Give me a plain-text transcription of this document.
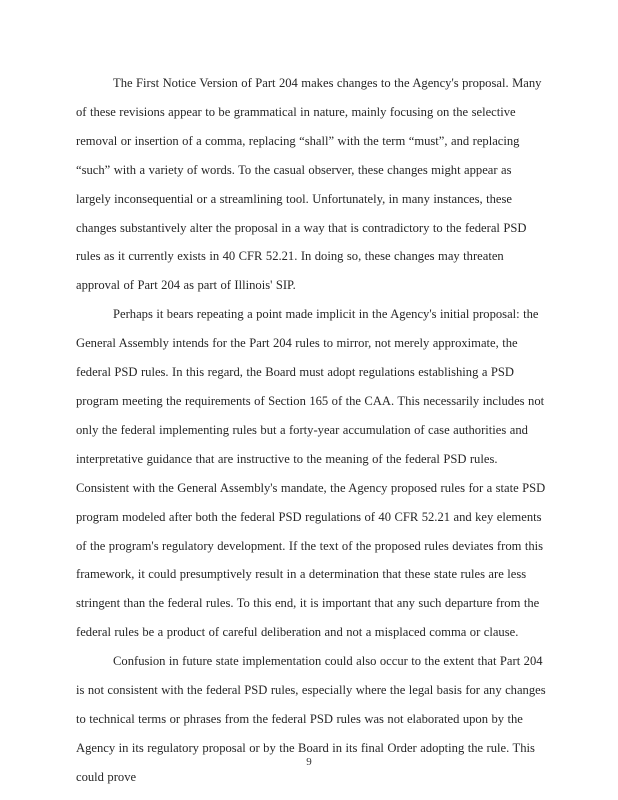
The First Notice Version of Part 204 makes changes to the Agency's proposal. Many of these revisions appear to be grammatical in nature, mainly focusing on the selective removal or insertion of a comma, replacing “shall” with the term “must”, and replacing “such” with a variety of words. To the casual observer, these changes might appear as largely inconsequential or a streamlining tool. Unfortunately, in many instances, these changes substantively alter the proposal in a way that is contradictory to the federal PSD rules as it currently exists in 40 CFR 52.21. In doing so, these changes may threaten approval of Part 204 as part of Illinois' SIP.

Perhaps it bears repeating a point made implicit in the Agency's initial proposal: the General Assembly intends for the Part 204 rules to mirror, not merely approximate, the federal PSD rules. In this regard, the Board must adopt regulations establishing a PSD program meeting the requirements of Section 165 of the CAA. This necessarily includes not only the federal implementing rules but a forty-year accumulation of case authorities and interpretative guidance that are instructive to the meaning of the federal PSD rules. Consistent with the General Assembly's mandate, the Agency proposed rules for a state PSD program modeled after both the federal PSD regulations of 40 CFR 52.21 and key elements of the program's regulatory development. If the text of the proposed rules deviates from this framework, it could presumptively result in a determination that these state rules are less stringent than the federal rules. To this end, it is important that any such departure from the federal rules be a product of careful deliberation and not a misplaced comma or clause.

Confusion in future state implementation could also occur to the extent that Part 204 is not consistent with the federal PSD rules, especially where the legal basis for any changes to technical terms or phrases from the federal PSD rules was not elaborated upon by the Agency in its regulatory proposal or by the Board in its final Order adopting the rule. This could prove

9
